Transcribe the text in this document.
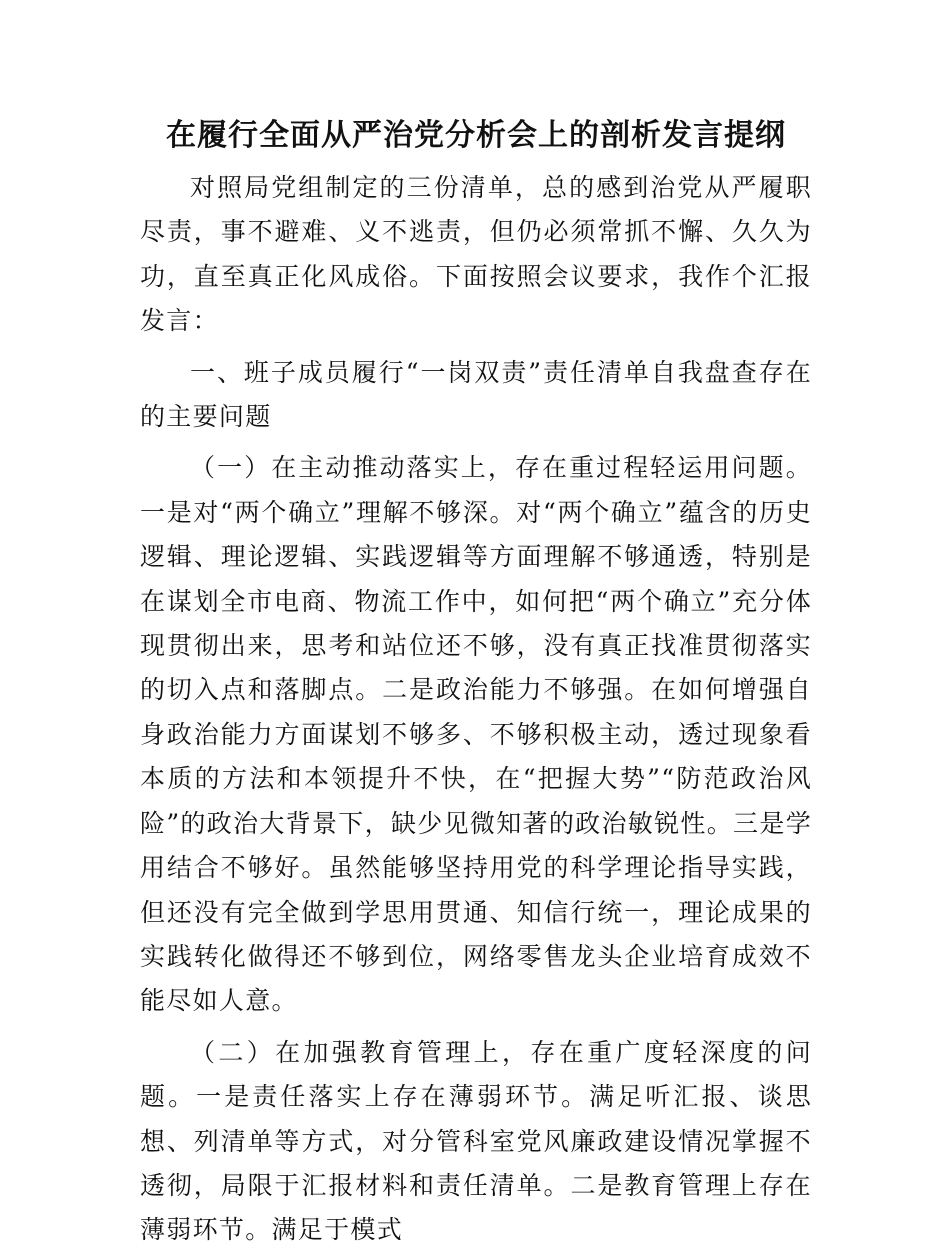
在履行全面从严治党分析会上的剖析发言提纲

对照局党组制定的三份清单，总的感到治党从严履职尽责，事不避难、义不逃责，但仍必须常抓不懈、久久为功，直至真正化风成俗。下面按照会议要求，我作个汇报发言：

一、班子成员履行“一岗双责”责任清单自我盘查存在的主要问题

（一）在主动推动落实上，存在重过程轻运用问题。一是对“两个确立”理解不够深。对“两个确立”蕴含的历史逻辑、理论逻辑、实践逻辑等方面理解不够通透，特别是在谋划全市电商、物流工作中，如何把“两个确立”充分体现贯彻出来，思考和站位还不够，没有真正找准贯彻落实的切入点和落脚点。二是政治能力不够强。在如何增强自身政治能力方面谋划不够多、不够积极主动，透过现象看本质的方法和本领提升不快，在“把握大势”“防范政治风险”的政治大背景下，缺少见微知著的政治敏锐性。三是学用结合不够好。虽然能够坚持用党的科学理论指导实践，但还没有完全做到学思用贯通、知信行统一，理论成果的实践转化做得还不够到位，网络零售龙头企业培育成效不能尽如人意。

（二）在加强教育管理上，存在重广度轻深度的问题。一是责任落实上存在薄弱环节。满足听汇报、谈思想、列清单等方式，对分管科室党风廉政建设情况掌握不透彻，局限于汇报材料和责任清单。二是教育管理上存在薄弱环节。满足于模式
